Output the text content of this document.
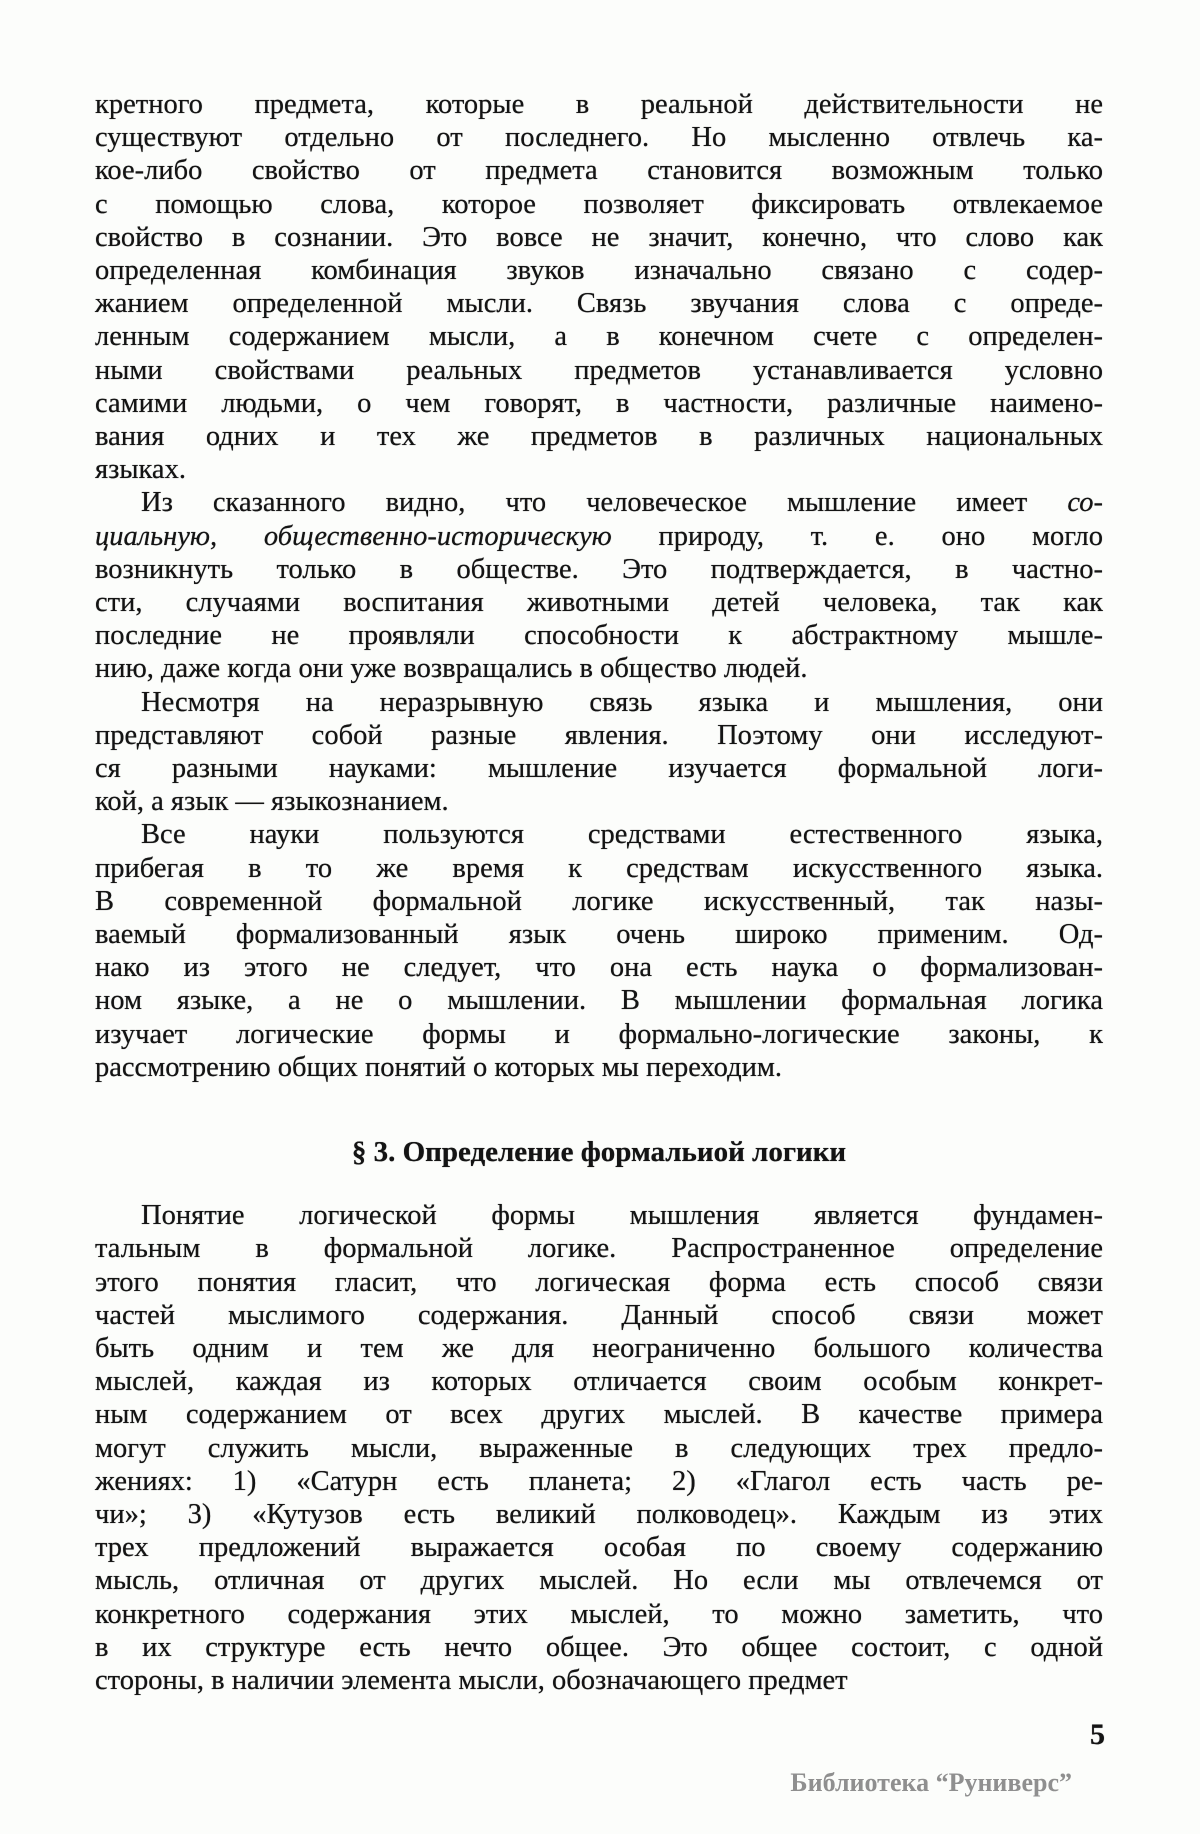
кретного предмета, которые в реальной действительности не
существуют отдельно от последнего. Но мысленно отвлечь ка-
кое-либо свойство от предмета становится возможным только
с помощью слова, которое позволяет фиксировать отвлекаемое
свойство в сознании. Это вовсе не значит, конечно, что слово как
определенная комбинация звуков изначально связано с содер-
жанием определенной мысли. Связь звучания слова с опреде-
ленным содержанием мысли, а в конечном счете с определен-
ными свойствами реальных предметов устанавливается условно
самими людьми, о чем говорят, в частности, различные наимено-
вания одних и тех же предметов в различных национальных
языках.
Из сказанного видно, что человеческое мышление имеет со-
циальную, общественно-историческую природу, т. е. оно могло
возникнуть только в обществе. Это подтверждается, в частно-
сти, случаями воспитания животными детей человека, так как
последние не проявляли способности к абстрактному мышле-
нию, даже когда они уже возвращались в общество людей.
Несмотря на неразрывную связь языка и мышления, они
представляют собой разные явления. Поэтому они исследуют-
ся разными науками: мышление изучается формальной логи-
кой, а язык — языкознанием.
Все науки пользуются средствами естественного языка,
прибегая в то же время к средствам искусственного языка.
В современной формальной логике искусственный, так назы-
ваемый формализованный язык очень широко применим. Од-
нако из этого не следует, что она есть наука о формализован-
ном языке, а не о мышлении. В мышлении формальная логика
изучает логические формы и формально-логические законы, к
рассмотрению общих понятий о которых мы переходим.
§ 3. Определение формальиой логики
Понятие логической формы мышления является фундамен-
тальным в формальной логике. Распространенное определение
этого понятия гласит, что логическая форма есть способ связи
частей мыслимого содержания. Данный способ связи может
быть одним и тем же для неограниченно большого количества
мыслей, каждая из которых отличается своим особым конкрет-
ным содержанием от всех других мыслей. В качестве примера
могут служить мысли, выраженные в следующих трех предло-
жениях: 1) «Сатурн есть планета; 2) «Глагол есть часть ре-
чи»; 3) «Кутузов есть великий полководец». Каждым из этих
трех предложений выражается особая по своему содержанию
мысль, отличная от других мыслей. Но если мы отвлечемся от
конкретного содержания этих мыслей, то можно заметить, что
в их структуре есть нечто общее. Это общее состоит, с одной
стороны, в наличии элемента мысли, обозначающего предмет
5
Библиотека “Руниверс”
